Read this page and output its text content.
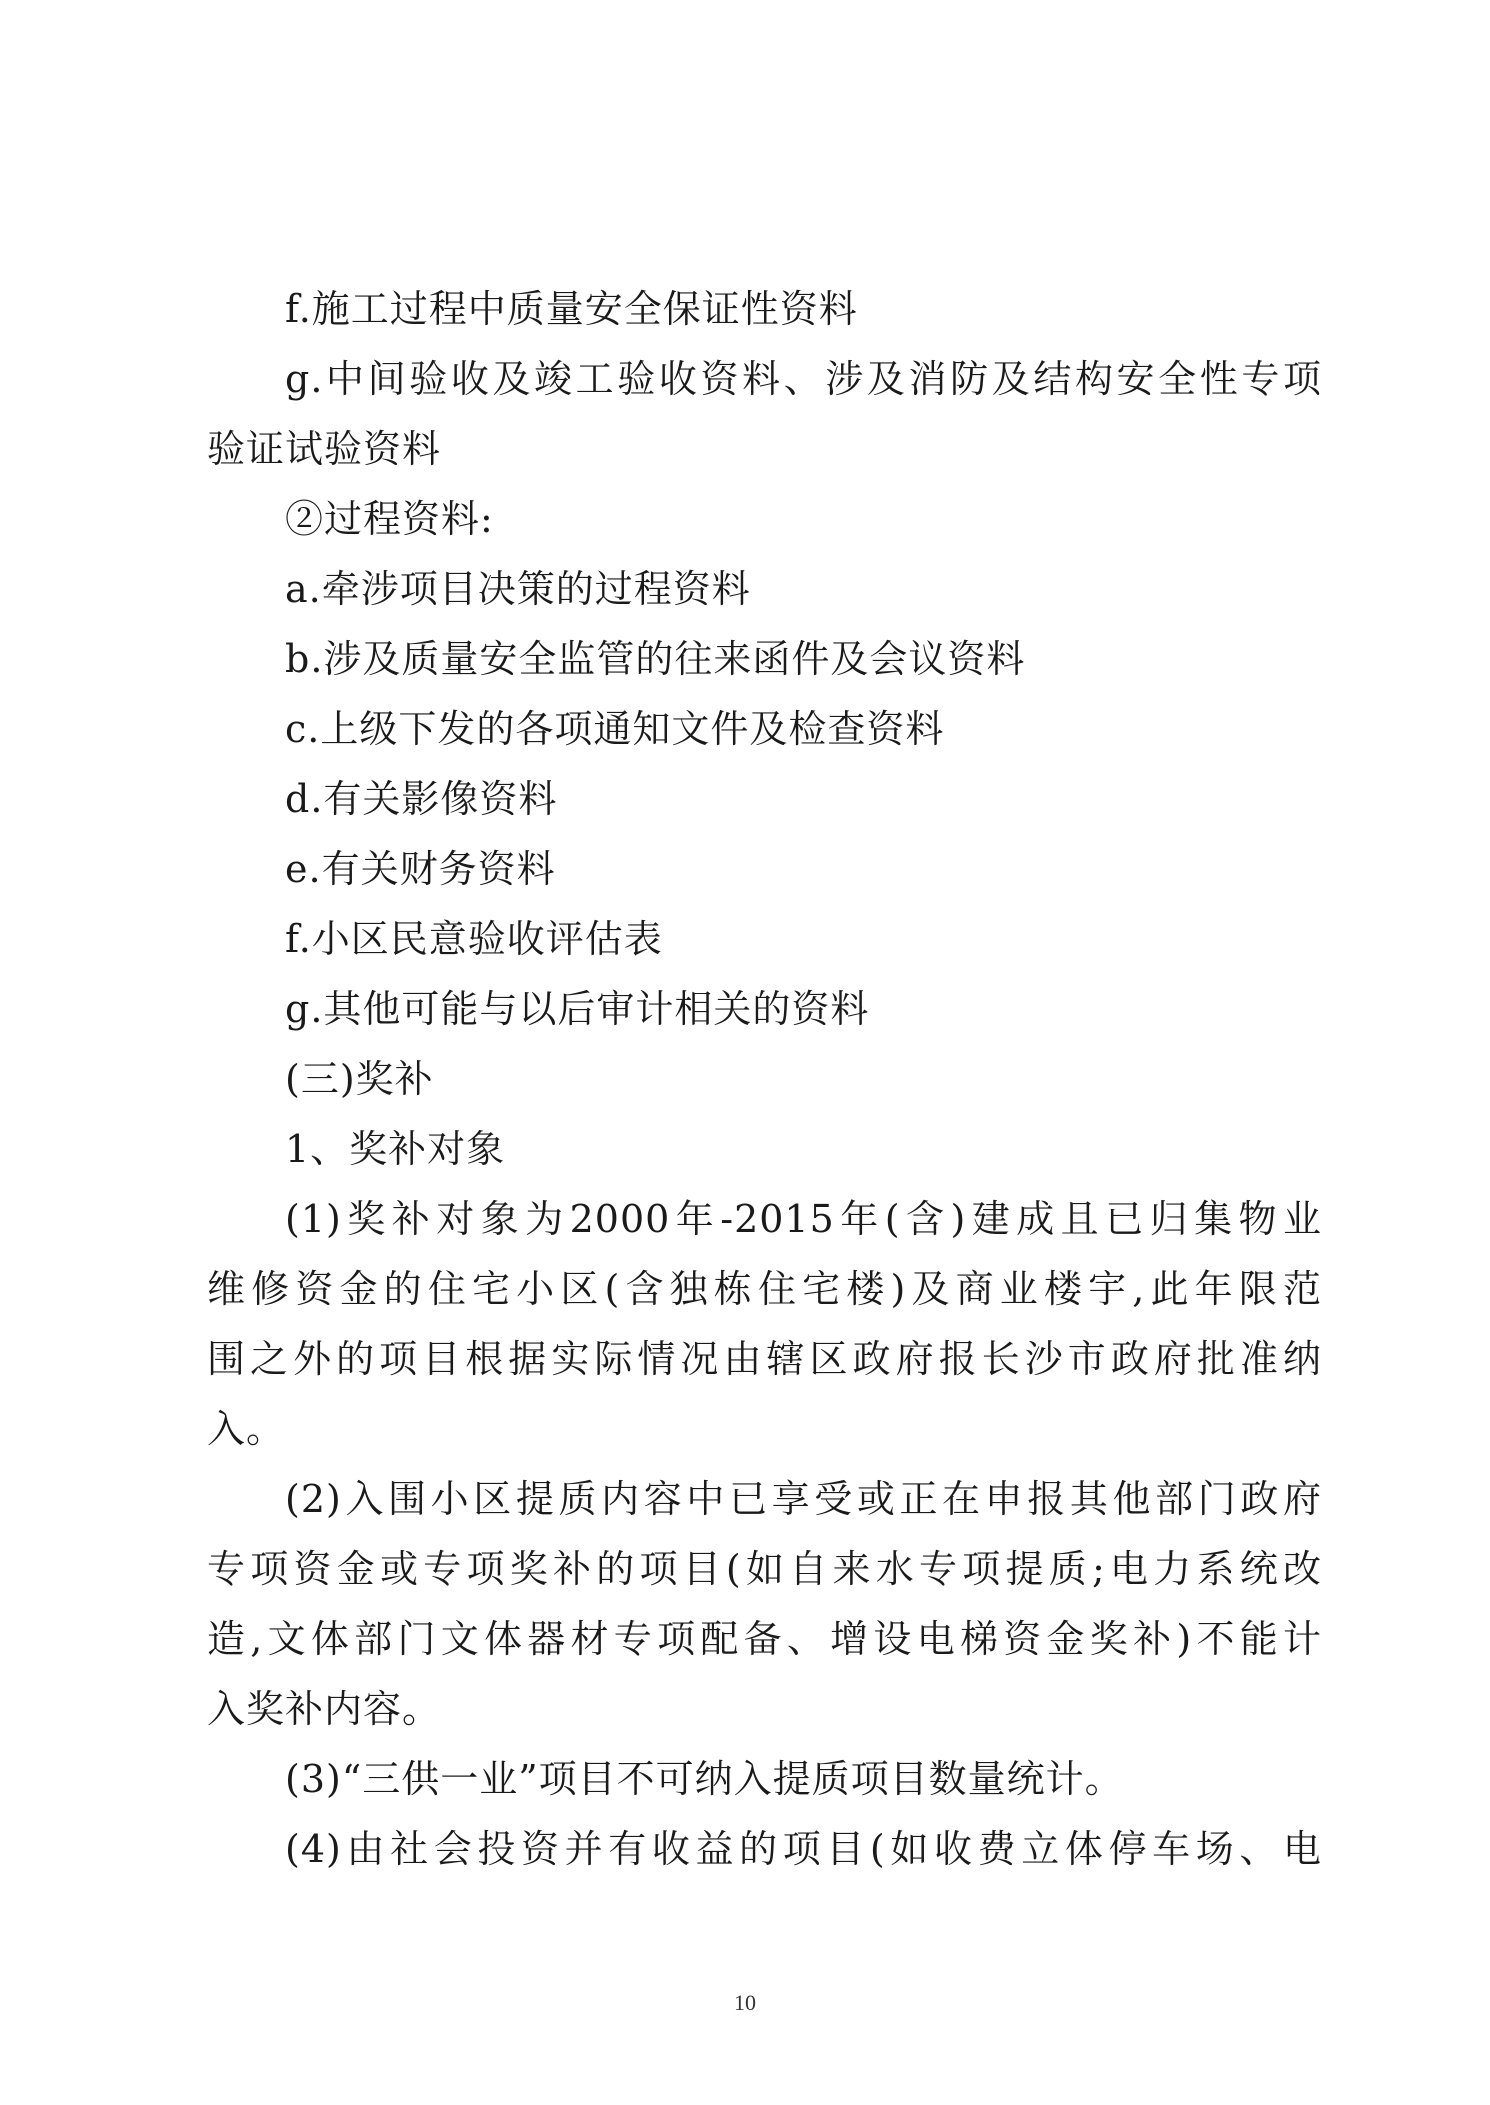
f.施工过程中质量安全保证性资料
g.中间验收及竣工验收资料、涉及消防及结构安全性专项
验证试验资料
②过程资料:
a.牵涉项目决策的过程资料
b.涉及质量安全监管的往来函件及会议资料
c.上级下发的各项通知文件及检查资料
d.有关影像资料
e.有关财务资料
f.小区民意验收评估表
g.其他可能与以后审计相关的资料
(三)奖补
1、奖补对象
(1)奖补对象为2000年-2015年(含)建成且已归集物业
维修资金的住宅小区(含独栋住宅楼)及商业楼宇,此年限范
围之外的项目根据实际情况由辖区政府报长沙市政府批准纳
入。
(2)入围小区提质内容中已享受或正在申报其他部门政府
专项资金或专项奖补的项目(如自来水专项提质;电力系统改
造,文体部门文体器材专项配备、增设电梯资金奖补)不能计
入奖补内容。
(3)“三供一业”项目不可纳入提质项目数量统计。
(4)由社会投资并有收益的项目(如收费立体停车场、电
10
